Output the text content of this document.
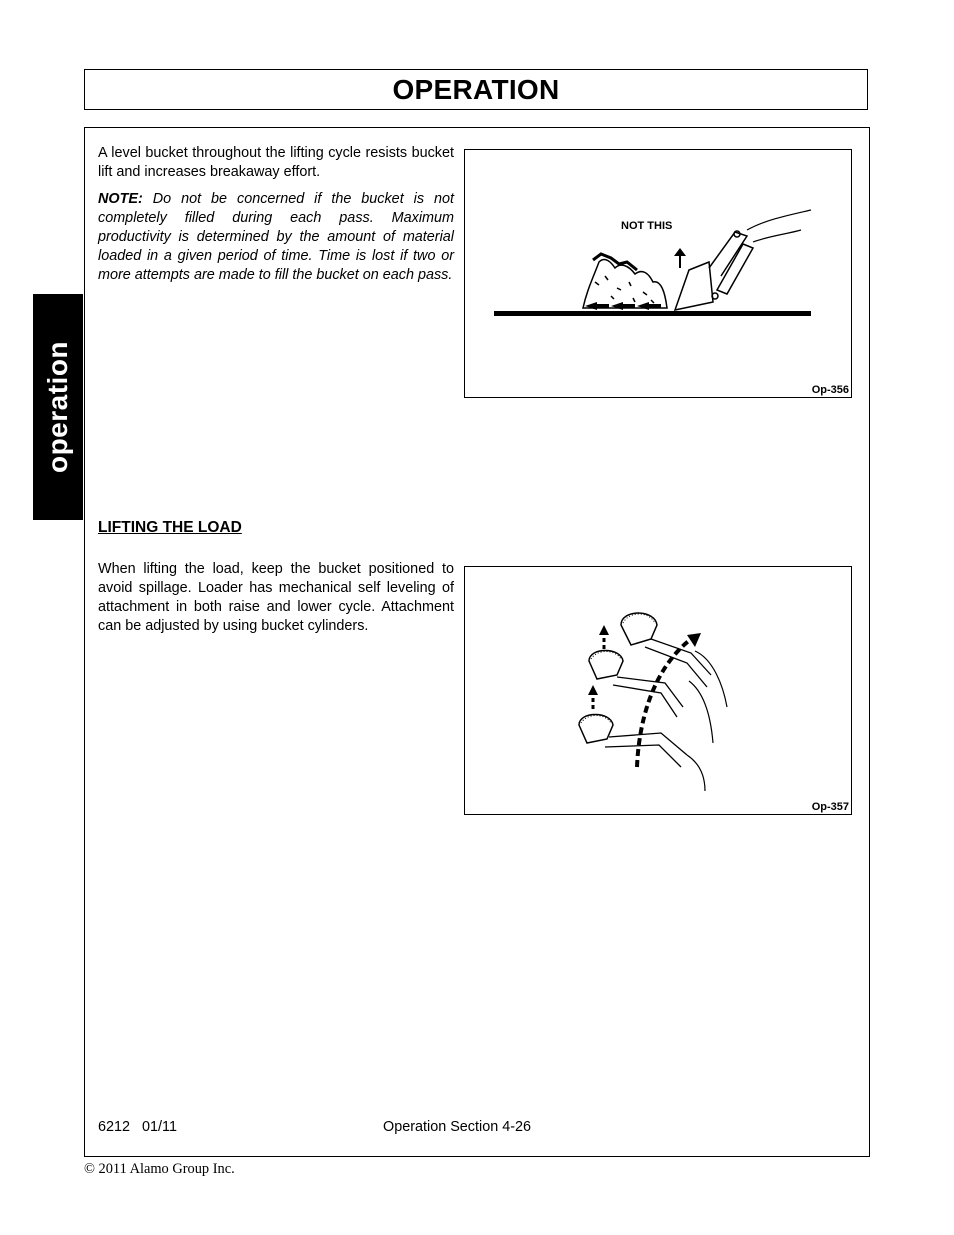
OPERATION
operation

A level bucket throughout the lifting cycle resists bucket lift and increases breakaway effort.

NOTE: Do not be concerned if the bucket is not completely filled during each pass. Maximum productivity is determined by the amount of material loaded in a given period of time. Time is lost if two or more attempts are made to fill the bucket on each pass.

NOT THIS
Op-356
LIFTING THE LOAD

When lifting the load, keep the bucket positioned to avoid spillage. Loader has mechanical self leveling of attachment in both raise and lower cycle. Attachment can be adjusted by using bucket cylinders.

Op-357
6212   01/11	Operation Section 4-26
© 2011 Alamo Group Inc.
